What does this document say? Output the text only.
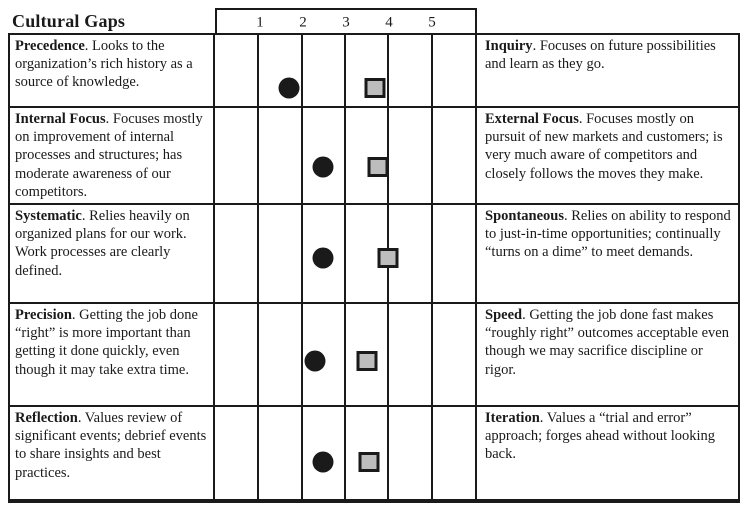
Cultural Gaps	1 2 3 4 5
Precedence. Looks to the organization’s rich history as a source of knowledge.
Inquiry. Focuses on future possibilities and learn as they go.
Internal Focus. Focuses mostly on improvement of internal processes and structures; has moderate awareness of our competitors.
External Focus. Focuses mostly on pursuit of new markets and customers; is very much aware of competitors and closely follows the moves they make.
Systematic. Relies heavily on organized plans for our work. Work processes are clearly defined.
Spontaneous. Relies on ability to respond to just-in-time opportunities; continually “turns on a dime” to meet demands.
Precision. Getting the job done “right” is more important than getting it done quickly, even though it may take extra time.
Speed. Getting the job done fast makes “roughly right” outcomes acceptable even though we may sacrifice discipline or rigor.
Reflection. Values review of significant events; debrief events to share insights and best practices.
Iteration. Values a “trial and error” approach; forges ahead without looking back.
